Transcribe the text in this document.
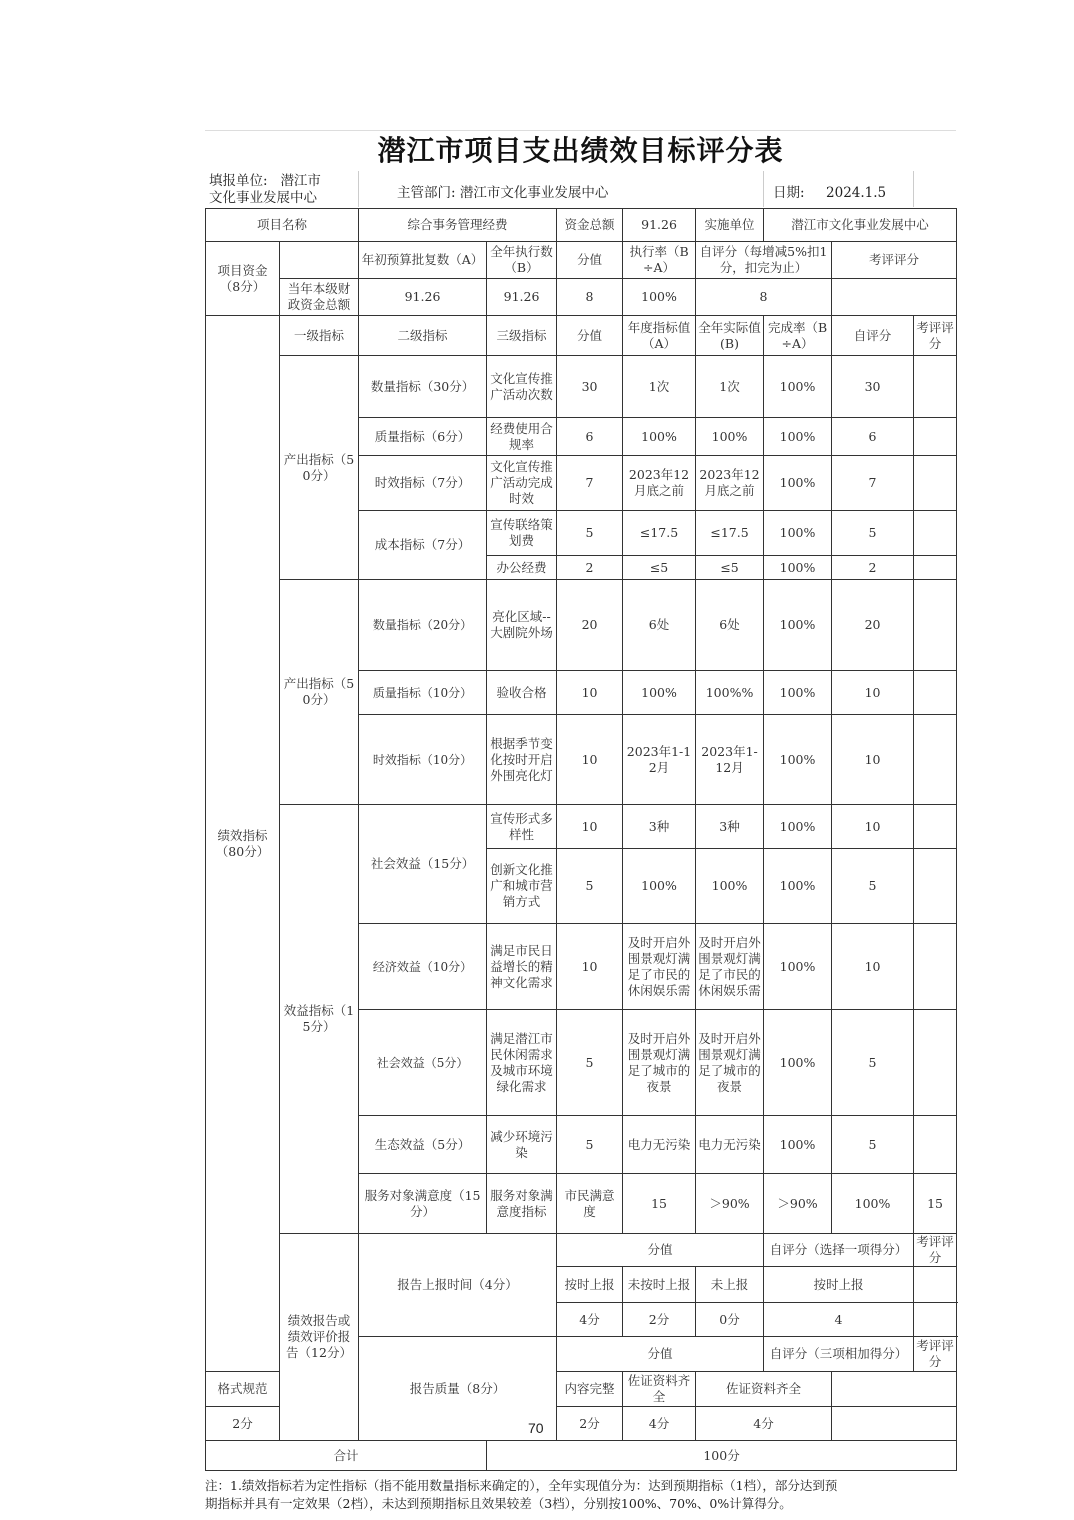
潜江市项目支出绩效目标评分表
填报单位: 潜江市
文化事业发展中心	主管部门: 潜江市文化事业发展中心	日期: 2024.1.5
项目名称		综合事务管理经费		资金总额	91.26	实施单位	潜江市文化事业发展中心			
项目资金（8分）		年初预算批复数（A）	全年执行数（B）	分值	执行率（B÷A）	自评分（每增减5%扣1分，扣完为止）		考评评分		
	当年本级财政资金总额	91.26	91.26	8	100%	8				
绩效指标（80分）	一级指标	二级指标	三级指标	分值	年度指标值（A）	全年实际值(B)	完成率（B÷A）	自评分	考评评分	
	产出指标（50分）	数量指标（30分）	文化宣传推广活动次数	30	1次	1次	100%	30		
		质量指标（6分）	经费使用合规率	6	100%	100%	100%	6		
		时效指标（7分）	文化宣传推广活动完成时效	7	2023年12月底之前	2023年12月底之前	100%	7		
		成本指标（7分）	宣传联络策划费	5	≤17.5	≤17.5	100%	5		
			办公经费	2	≤5	≤5	100%	2		
	产出指标（50分）	数量指标（20分）	亮化区域--大剧院外场	20	6处	6处	100%	20		
		质量指标（10分）	验收合格	10	100%	100%%	100%	10		
		时效指标（10分）	根据季节变化按时开启外围亮化灯	10	2023年1-12月	2023年1-12月	100%	10		
	效益指标（15分）	社会效益（15分）	宣传形式多样性	10	3种	3种	100%	10		
			创新文化推广和城市营销方式	5	100%	100%	100%	5		
		经济效益（10分）	满足市民日益增长的精神文化需求	10	及时开启外围景观灯满足了市民的休闲娱乐需	及时开启外围景观灯满足了市民的休闲娱乐需	100%	10		
		社会效益（5分）	满足潜江市民休闲需求及城市环境绿化需求	5	及时开启外围景观灯满足了城市的夜景	及时开启外围景观灯满足了城市的夜景	100%	5		
		生态效益（5分）	减少环境污染	5	电力无污染	电力无污染	100%	5		
		服务对象满意度（15分）	服务对象满意度指标	市民满意度	15	＞90%	＞90%	100%	15	
	绩效报告或绩效评价报告（12分）	报告上报时间（4分）		分值			自评分（选择一项得分）		考评评分	
				按时上报	未按时上报	未上报	按时上报			
				4分	2分	0分	4			
		报告质量（8分）		分值			自评分（三项相加得分）		考评评分	
格式规范				内容完整	佐证资料齐全	佐证资料齐全				
2分				2分	4分	4分				
合计			100分							
70
注：1.绩效指标若为定性指标（指不能用数量指标来确定的），全年实现值分为：达到预期指标（1档），部分达到预
期指标并具有一定效果（2档），未达到预期指标且效果较差（3档），分别按100%、70%、0%计算得分。
